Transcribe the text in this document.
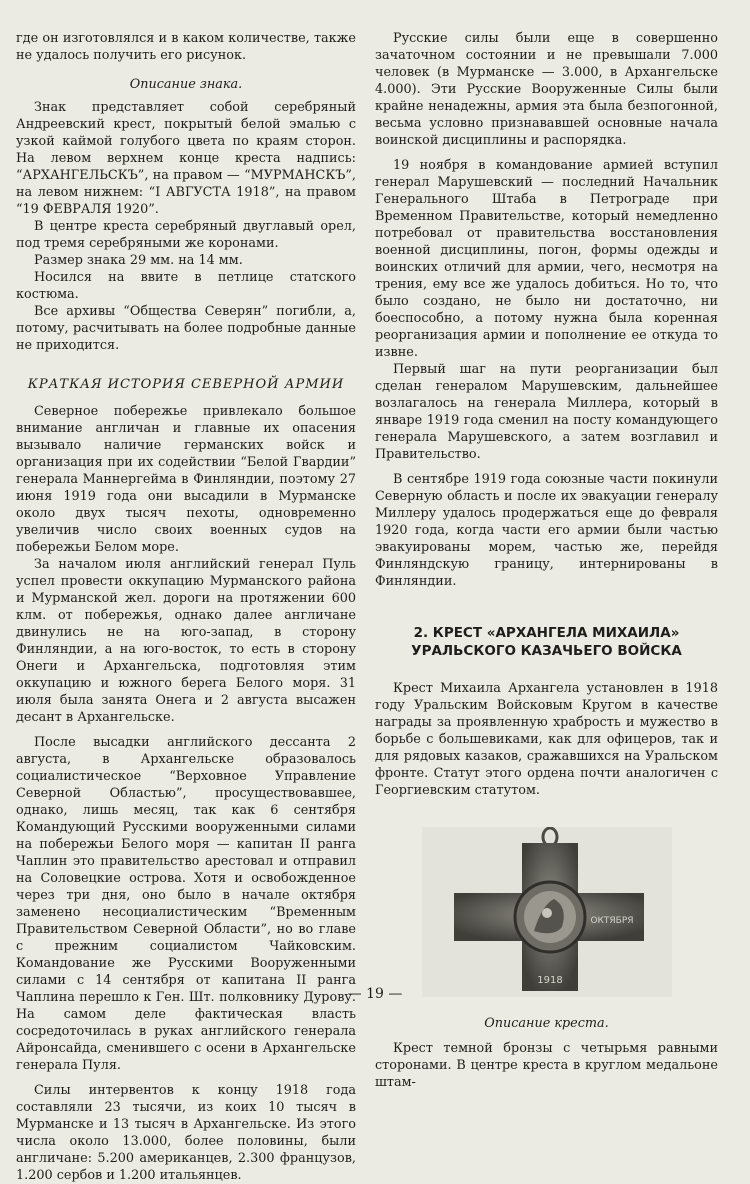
где он изготовлялся и в каком количестве, также не удалось получить его рисунок.

Описание знака.

Знак представляет собой серебряный Андреевский крест, покрытый белой эмалью с узкой каймой голубого цвета по краям сторон. На левом верхнем конце креста надпись: “АРХАНГЕЛЬСКЪ”, на правом — “МУРМАНСКЪ”, на левом нижнем: “I АВГУСТА 1918”, на правом “19 ФЕВРАЛЯ 1920”.

В центре креста серебряный двуглавый орел, под тремя серебряными же коронами.

Размер знака 29 мм. на 14 мм.

Носился на ввите в петлице статского костюма.

Все архивы “Общества Северян” погибли, а, потому, расчитывать на более подробные данные не приходится.

КРАТКАЯ ИСТОРИЯ СЕВЕРНОЙ АРМИИ

Северное побережье привлекало большое внимание англичан и главные их опасения вызывало наличие германских войск и организация при их содействии “Белой Гвардии” генерала Маннергейма в Финляндии, поэтому 27 июня 1919 года они высадили в Мурманске около двух тысяч пехоты, одновременно увеличив число своих военных судов на побережьи Белом море.

За началом июля английский генерал Пуль успел провести оккупацию Мурманского района и Мурманской жел. дороги на протяжении 600 клм. от побережья, однако далее англичане двинулись не на юго-запад, в сторону Финляндии, а на юго-восток, то есть в сторону Онеги и Архангельска, подготовляя этим оккупацию и южного берега Белого моря. 31 июля была занята Онега и 2 августа высажен десант в Архангельске.

После высадки английского десcанта 2 августа, в Архангельске образовалось социалистическое “Верховное Управление Северной Областью”, просуществовавшее, однако, лишь месяц, так как 6 сентября Командующий Русскими вооруженными силами на побережьи Белого моря — капитан II ранга Чаплин это правительство арестовал и отправил на Соловецкие острова. Хотя и освобожденное через три дня, оно было в начале октября заменено несоциалистическим “Временным Правительством Северной Области”, но во главе с прежним социалистом Чайковским. Командование же Русскими Вооруженными силами с 14 сентября от капитана II ранга Чаплина перешло к Ген. Шт. полковнику Дурову. На самом деле фактическая власть сосредоточилась в руках английского генерала Айронсайда, сменившего с осени в Архангельске генерала Пуля.

Силы интервентов к концу 1918 года составляли 23 тысячи, из коих 10 тысяч в Мурманске и 13 тысяч в Архангельске. Из этого числа около 13.000, более половины, были англичане: 5.200 американцев, 2.300 французов, 1.200 сербов и 1.200 итальянцев.

Русские силы были еще в совершенно зачаточном состоянии и не превышали 7.000 человек (в Мурманске — 3.000, в Архангельске 4.000). Эти Русские Вооруженные Силы были крайне ненадежны, армия эта была безпогонной, весьма условно признававшей основные начала воинской дисциплины и распорядка.

19 ноября в командование армией вступил генерал Марушевский — последний Начальник Генерального Штаба в Петрограде при Временном Правительстве, который немедленно потребовал от правительства восстановления военной дисциплины, погон, формы одежды и воинских отличий для армии, чего, несмотря на трения, ему все же удалось добиться. Но то, что было создано, не было ни достаточно, ни боеспособно, а потому нужна была коренная реорганизация армии и пополнение ее откуда то извне.

Первый шаг на пути реорганизации был сделан генералом Марушевским, дальнейшее возлагалось на генерала Миллера, который в январе 1919 года сменил на посту командующего генерала Марушевского, а затем возглавил и Правительство.

В сентябре 1919 года союзные части покинули Северную область и после их эвакуации генералу Миллеру удалось продержаться еще до февраля 1920 года, когда части его армии были частью эвакуированы морем, частью же, перейдя Финляндскую границу, интернированы в Финляндии.

2. КРЕСТ «АРХАНГЕЛА МИХАИЛА»
УРАЛЬСКОГО КАЗАЧЬЕГО ВОЙСКА

Крест Михаила Архангела установлен в 1918 году Уральским Войсковым Кругом в качестве награды за проявленную храбрость и мужество в борьбе с большевиками, как для офицеров, так и для рядовых казаков, сражавшихся на Уральском фронте. Статут этого ордена почти аналогичен с Георгиевским статутом.

ОКТЯБРЯ
1918

Описание креста.

Крест темной бронзы с четырьмя равными сторонами. В центре креста в круглом медальоне штам-

— 19 —
